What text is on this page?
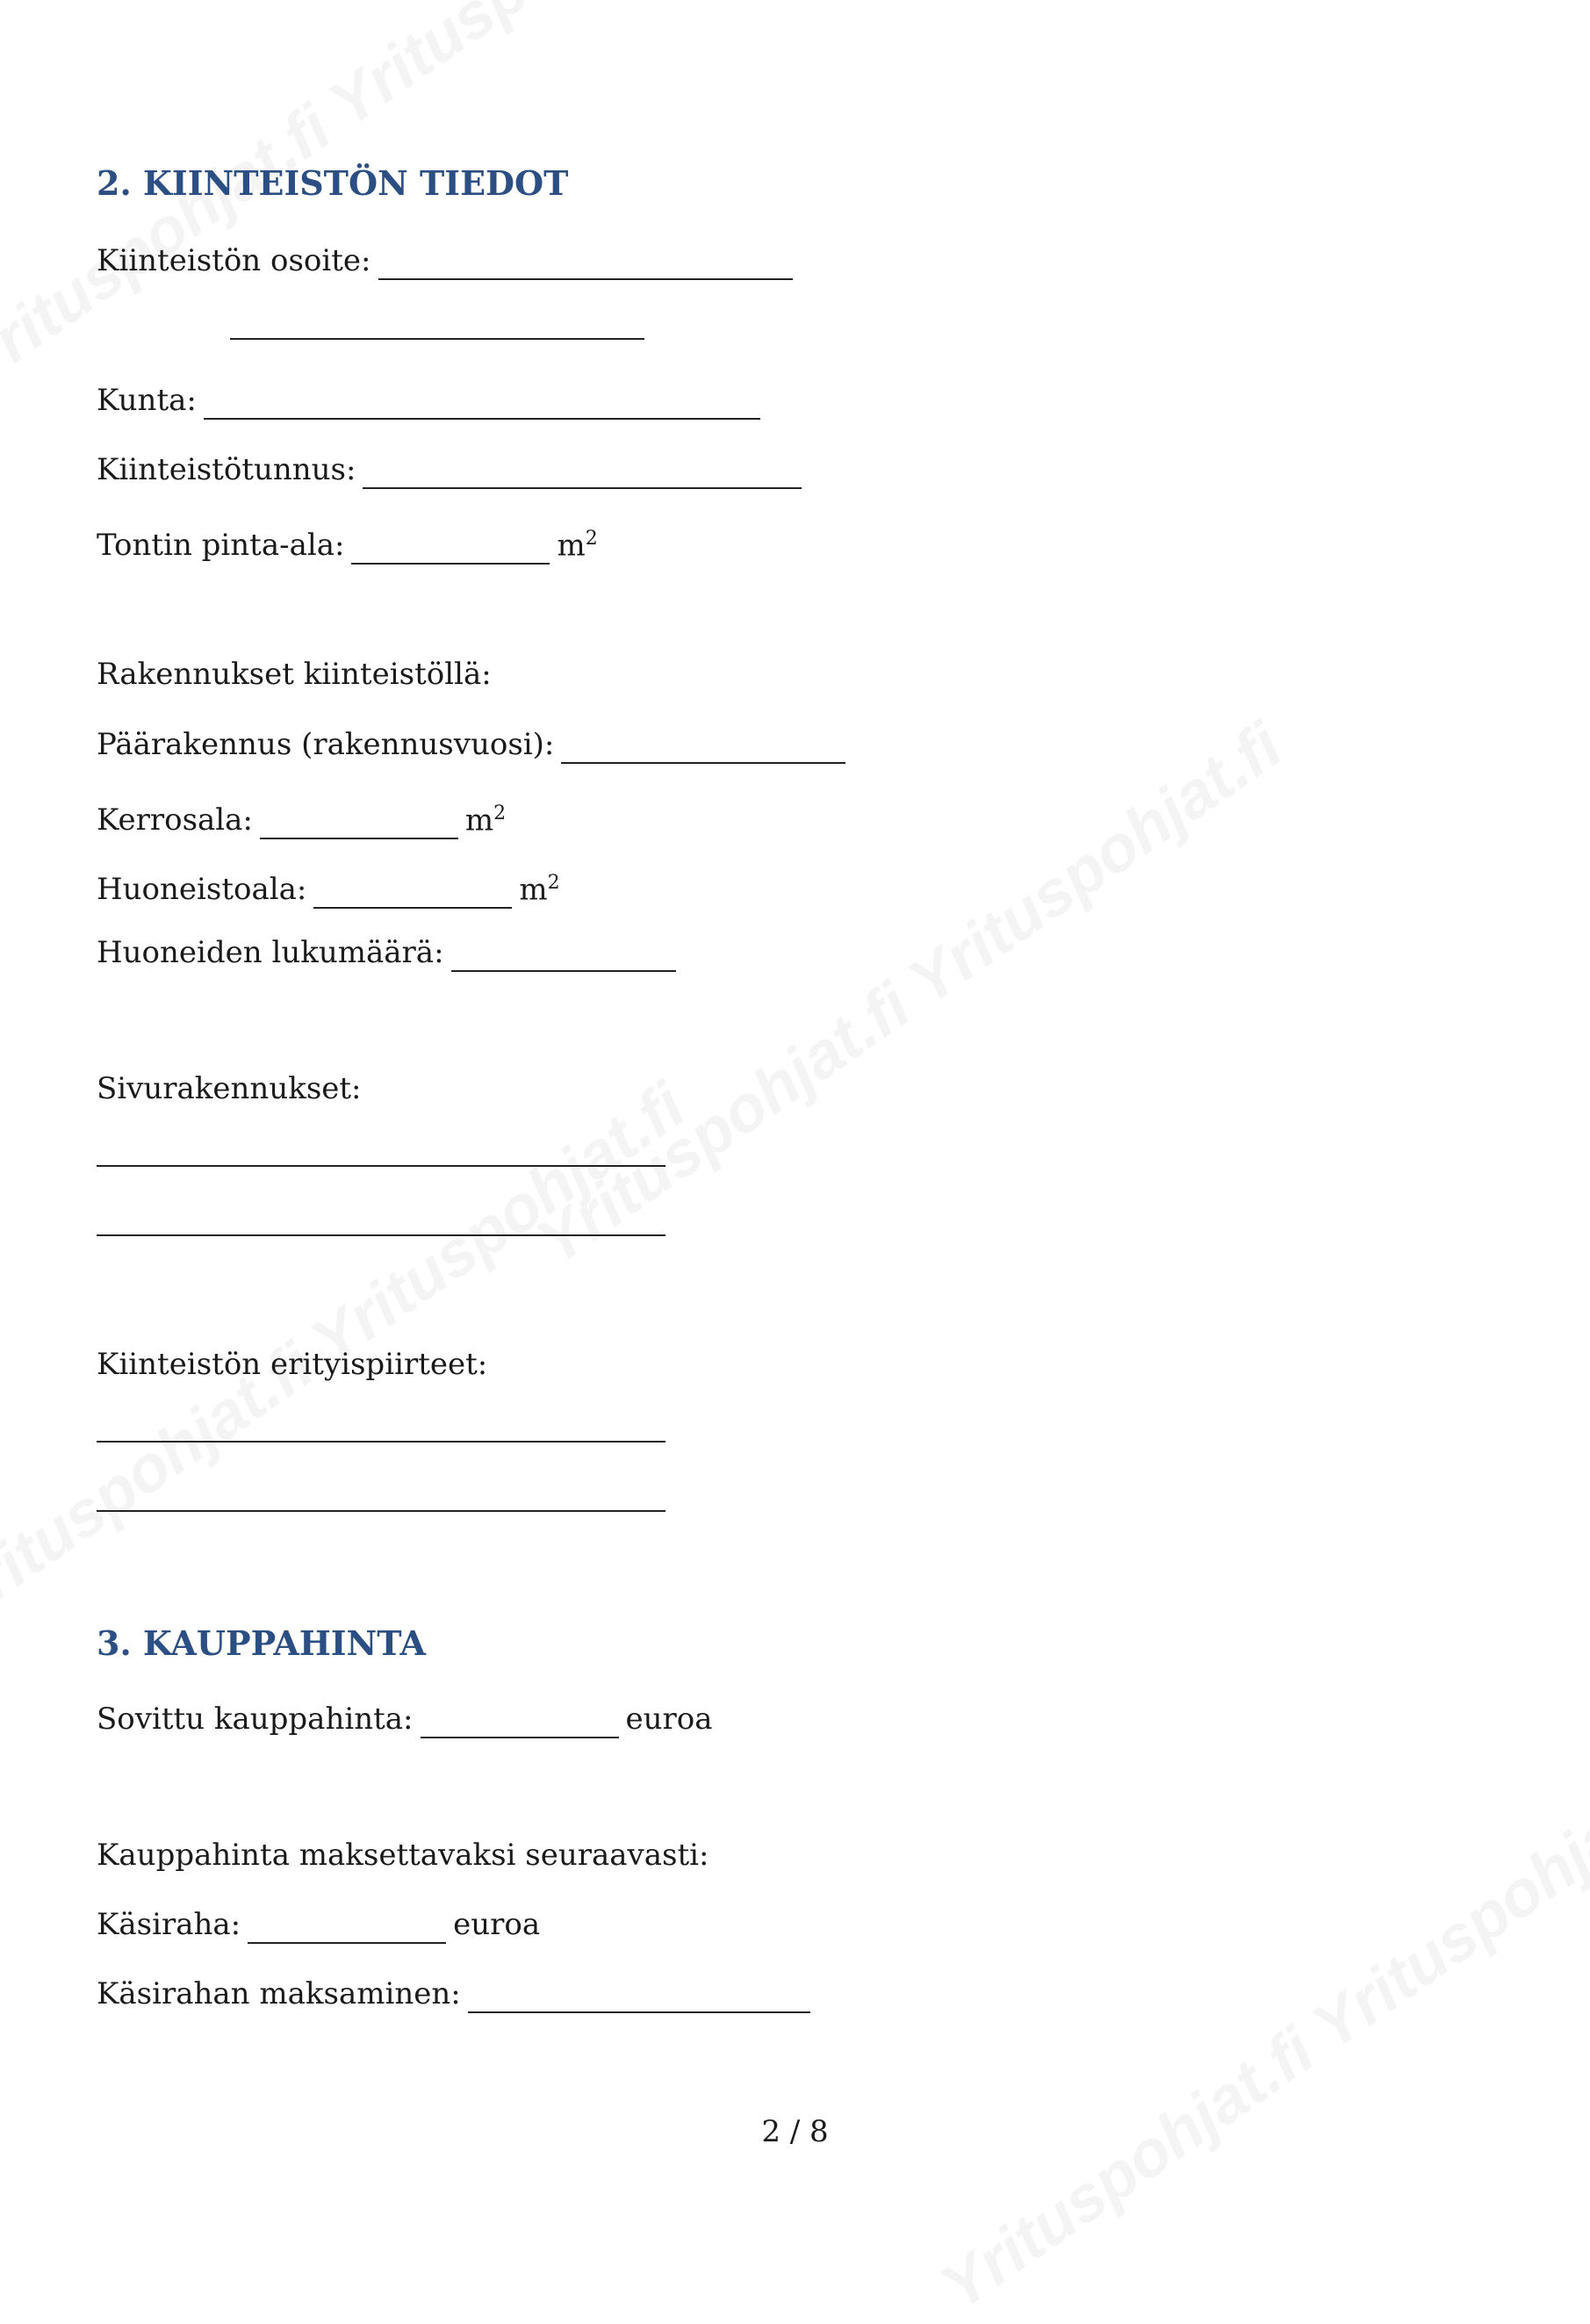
2. KIINTEISTÖN TIEDOT
Kiinteistön osoite:
Kunta:
Kiinteistötunnus:
Tontin pinta-ala:	$m^2$
Rakennukset kiinteistöllä:
Päärakennus (rakennusvuosi):
Kerrosala:	$m^2$
Huoneistoala:	$m^2$
Huoneiden lukumäärä:
Sivurakennukset:
Kiinteistön erityispiirteet:
3. KAUPPAHINTA
Sovittu kauppahinta:	euroa
Kauppahinta maksettavaksi seuraavasti:
Käsiraha:	euroa
Käsirahan maksaminen:
2 / 8
